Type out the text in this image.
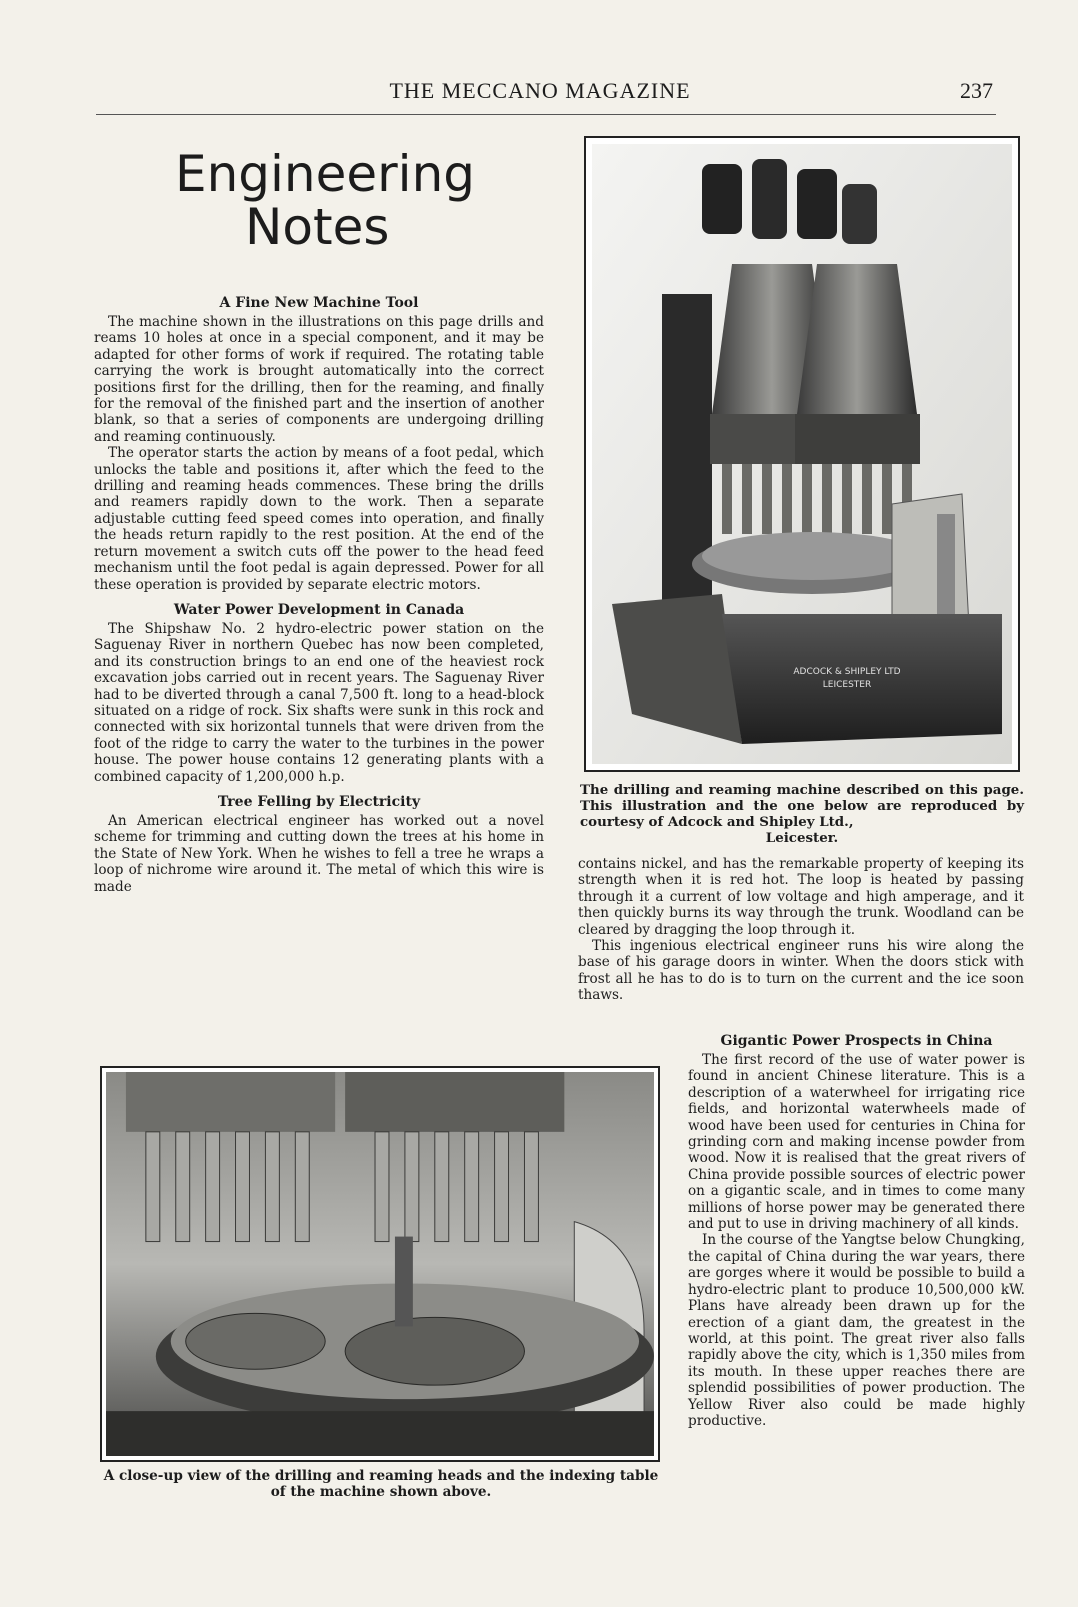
THE MECCANO MAGAZINE	237
Engineering
Notes
A Fine New Machine Tool

The machine shown in the illustrations on this page drills and reams 10 holes at once in a special component, and it may be adapted for other forms of work if required. The rotating table carrying the work is brought automatically into the correct positions first for the drilling, then for the reaming, and finally for the removal of the finished part and the insertion of another blank, so that a series of components are undergoing drilling and reaming continuously.

The operator starts the action by means of a foot pedal, which unlocks the table and positions it, after which the feed to the drilling and reaming heads commences. These bring the drills and reamers rapidly down to the work. Then a separate adjustable cutting feed speed comes into operation, and finally the heads return rapidly to the rest position. At the end of the return movement a switch cuts off the power to the head feed mechanism until the foot pedal is again depressed. Power for all these operation is provided by separate electric motors.

Water Power Development in Canada

The Shipshaw No. 2 hydro-electric power station on the Saguenay River in northern Quebec has now been completed, and its construction brings to an end one of the heaviest rock excavation jobs carried out in recent years. The Saguenay River had to be diverted through a canal 7,500 ft. long to a head-block situated on a ridge of rock. Six shafts were sunk in this rock and connected with six horizontal tunnels that were driven from the foot of the ridge to carry the water to the turbines in the power house. The power house contains 12 generating plants with a combined capacity of 1,200,000 h.p.

Tree Felling by Electricity

An American electrical engineer has worked out a novel scheme for trimming and cutting down the trees at his home in the State of New York. When he wishes to fell a tree he wraps a loop of nichrome wire around it. The metal of which this wire is made

ADCOCK & SHIPLEY LTD
LEICESTER
The drilling and reaming machine described on this page. This illustration and the one below are reproduced by courtesy of Adcock and Shipley Ltd.,
Leicester.

contains nickel, and has the remarkable property of keeping its strength when it is red hot. The loop is heated by passing through it a current of low voltage and high amperage, and it then quickly burns its way through the trunk. Woodland can be cleared by dragging the loop through it.

This ingenious electrical engineer runs his wire along the base of his garage doors in winter. When the doors stick with frost all he has to do is to turn on the current and the ice soon thaws.

Gigantic Power Prospects in China

The first record of the use of water power is found in ancient Chinese literature. This is a description of a waterwheel for irrigating rice fields, and horizontal waterwheels made of wood have been used for centuries in China for grinding corn and making incense powder from wood. Now it is realised that the great rivers of China provide possible sources of electric power on a gigantic scale, and in times to come many millions of horse power may be generated there and put to use in driving machinery of all kinds.

In the course of the Yangtse below Chungking, the capital of China during the war years, there are gorges where it would be possible to build a hydro-electric plant to produce 10,500,000 kW. Plans have already been drawn up for the erection of a giant dam, the greatest in the world, at this point. The great river also falls rapidly above the city, which is 1,350 miles from its mouth. In these upper reaches there are splendid possibilities of power production. The Yellow River also could be made highly productive.

A close-up view of the drilling and reaming heads and the indexing table of the machine shown above.
